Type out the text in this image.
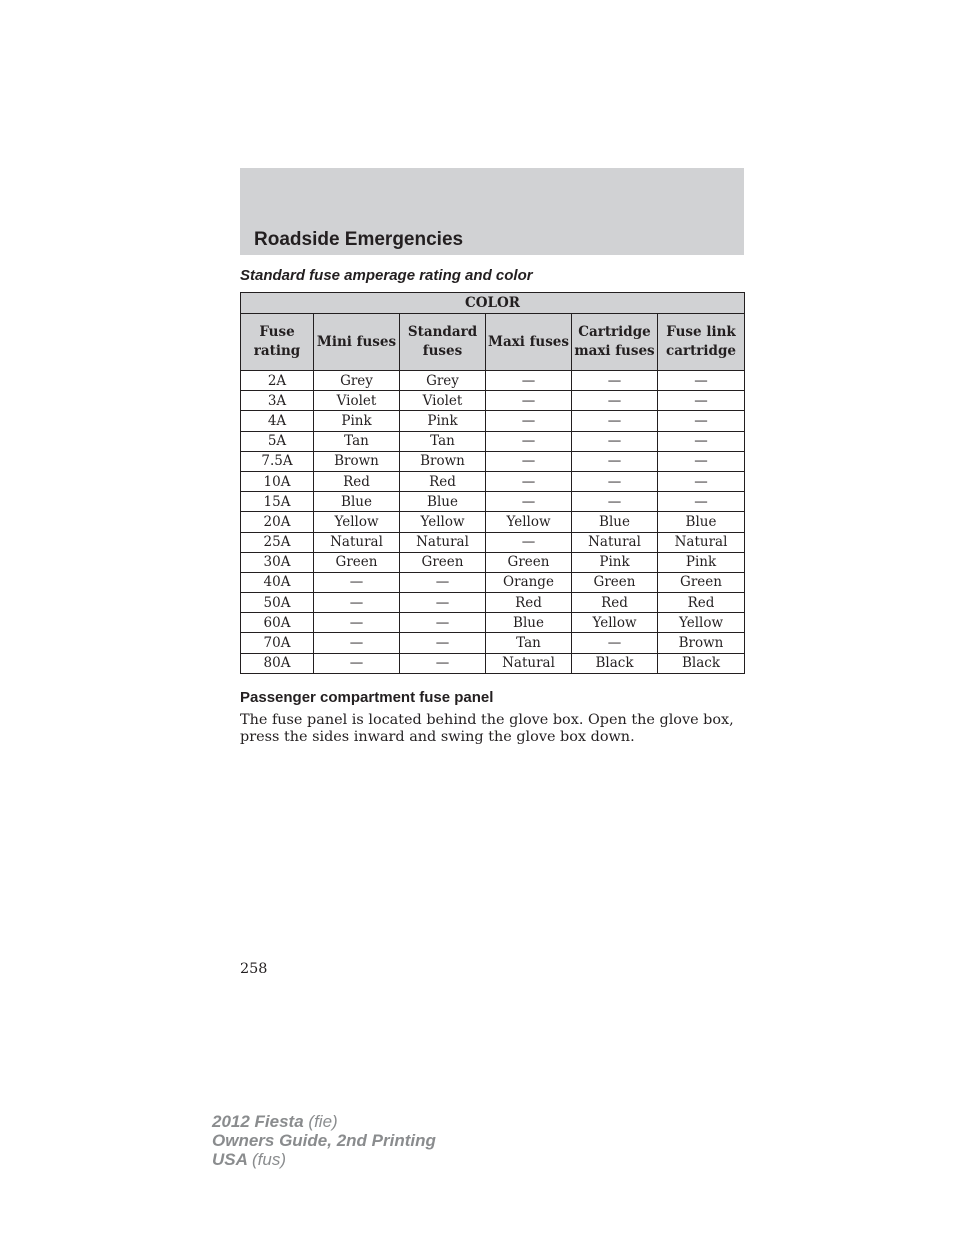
Roadside Emergencies
Standard fuse amperage rating and color
COLOR					
Fuse rating	Mini fuses	Standard fuses	Maxi fuses	Cartridge maxi fuses	Fuse link cartridge
2A	Grey	Grey	—	—	—
3A	Violet	Violet	—	—	—
4A	Pink	Pink	—	—	—
5A	Tan	Tan	—	—	—
7.5A	Brown	Brown	—	—	—
10A	Red	Red	—	—	—
15A	Blue	Blue	—	—	—
20A	Yellow	Yellow	Yellow	Blue	Blue
25A	Natural	Natural	—	Natural	Natural
30A	Green	Green	Green	Pink	Pink
40A	—	—	Orange	Green	Green
50A	—	—	Red	Red	Red
60A	—	—	Blue	Yellow	Yellow
70A	—	—	Tan	—	Brown
80A	—	—	Natural	Black	Black
Passenger compartment fuse panel

The fuse panel is located behind the glove box. Open the glove box, press the sides inward and swing the glove box down.

258

2012 Fiesta (fie)
Owners Guide, 2nd Printing
USA (fus)
